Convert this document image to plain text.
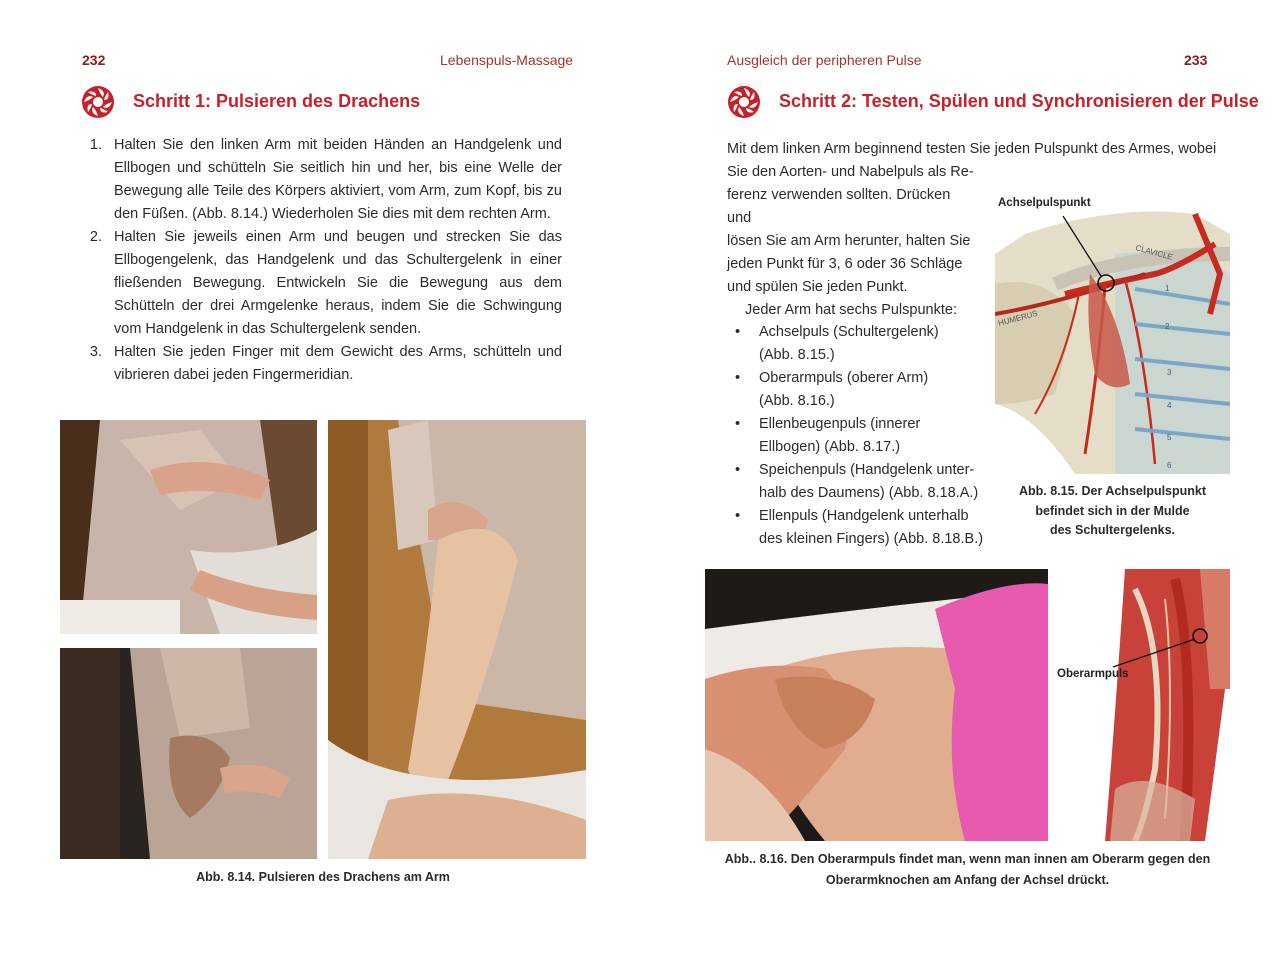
232	Lebenspuls-Massage
Schritt 1: Pulsieren des Drachens
1. Halten Sie den linken Arm mit beiden Händen an Handgelenk und Ellbogen und schütteln Sie seitlich hin und her, bis eine Welle der Bewegung alle Teile des Körpers aktiviert, vom Arm, zum Kopf, bis zu den Füßen. (Abb. 8.14.) Wiederholen Sie dies mit dem rechten Arm.
2. Halten Sie jeweils einen Arm und beugen und strecken Sie das Ellbogengelenk, das Handgelenk und das Schultergelenk in einer fließenden Bewegung. Entwickeln Sie die Bewegung aus dem Schütteln der drei Armgelenke heraus, indem Sie die Schwingung vom Handgelenk in das Schultergelenk senden.
3. Halten Sie jeden Finger mit dem Gewicht des Arms, schütteln und vibrieren dabei jeden Fingermeridian.
Abb. 8.14. Pulsieren des Drachens am Arm
Ausgleich der peripheren Pulse	233
Schritt 2: Testen, Spülen und Synchronisieren der Pulse
Mit dem linken Arm beginnend testen Sie jeden Pulspunkt des Armes, wobei
Sie den Aorten- und Nabelpuls als Re-
ferenz verwenden sollten. Drücken und
lösen Sie am Arm herunter, halten Sie
jeden Punkt für 3, 6 oder 36 Schläge
und spülen Sie jeden Punkt.
Jeder Arm hat sechs Pulspunkte:
• Achselpuls (Schultergelenk)
(Abb. 8.15.)
• Oberarmpuls (oberer Arm)
(Abb. 8.16.)
• Ellenbeugenpuls (innerer
Ellbogen) (Abb. 8.17.)
• Speichenpuls (Handgelenk unter-
halb des Daumens) (Abb. 8.18.A.)
• Ellenpuls (Handgelenk unterhalb
des kleinen Fingers) (Abb. 8.18.B.)
CLAVICLE
HUMERUS
1
2
3
4
5
6
Achselpulspunkt
Abb. 8.15. Der Achselpulspunkt
befindet sich in der Mulde
des Schultergelenks.
Oberarmpuls
Abb.. 8.16. Den Oberarmpuls findet man, wenn man innen am Oberarm gegen den
Oberarmknochen am Anfang der Achsel drückt.
